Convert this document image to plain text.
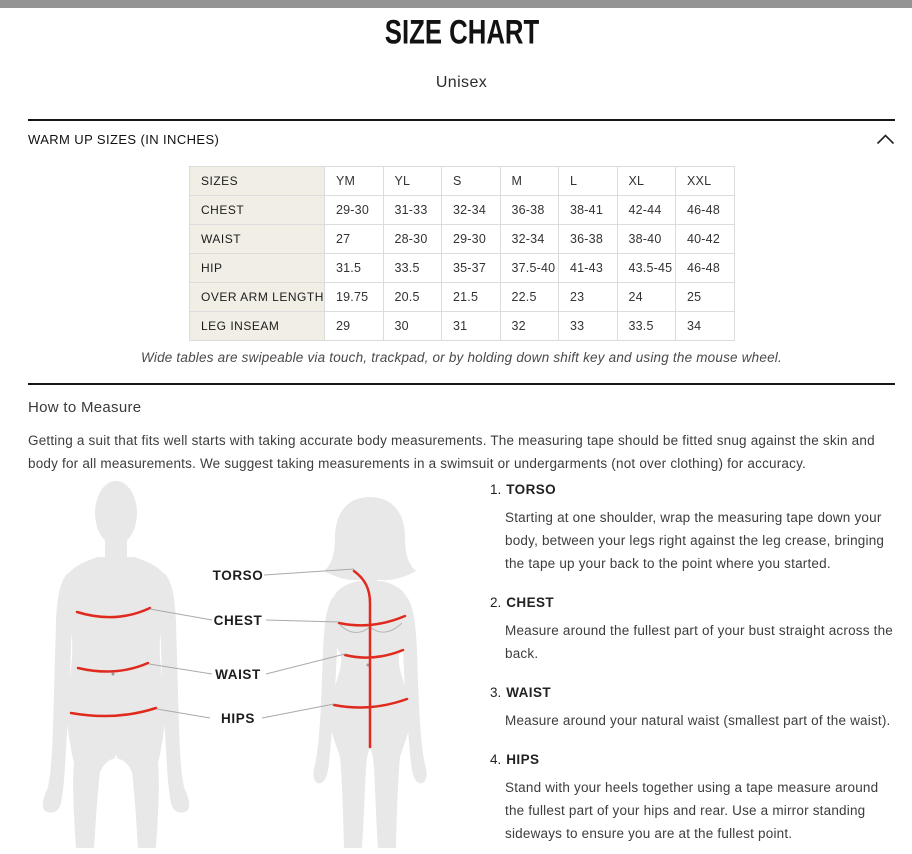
SIZE CHART
Unisex
WARM UP SIZES (IN INCHES)
SIZES	YM	YL	S	M	L	XL	XXL
CHEST	29-30	31-33	32-34	36-38	38-41	42-44	46-48
WAIST	27	28-30	29-30	32-34	36-38	38-40	40-42
HIP	31.5	33.5	35-37	37.5-40	41-43	43.5-45	46-48
OVER ARM LENGTH	19.75	20.5	21.5	22.5	23	24	25
LEG INSEAM	29	30	31	32	33	33.5	34
Wide tables are swipeable via touch, trackpad, or by holding down shift key and using the mouse wheel.
How to Measure

Getting a suit that fits well starts with taking accurate body measurements. The measuring tape should be fitted snug against the skin and body for all measurements. We suggest taking measurements in a swimsuit or undergarments (not over clothing) for accuracy.

TORSO
CHEST
WAIST
HIPS
1. TORSO

Starting at one shoulder, wrap the measuring tape down your body, between your legs right against the leg crease, bringing the tape up your back to the point where you started.

2. CHEST

Measure around the fullest part of your bust straight across the back.

3. WAIST

Measure around your natural waist (smallest part of the waist).

4. HIPS

Stand with your heels together using a tape measure around the fullest part of your hips and rear. Use a mirror standing sideways to ensure you are at the fullest point.
